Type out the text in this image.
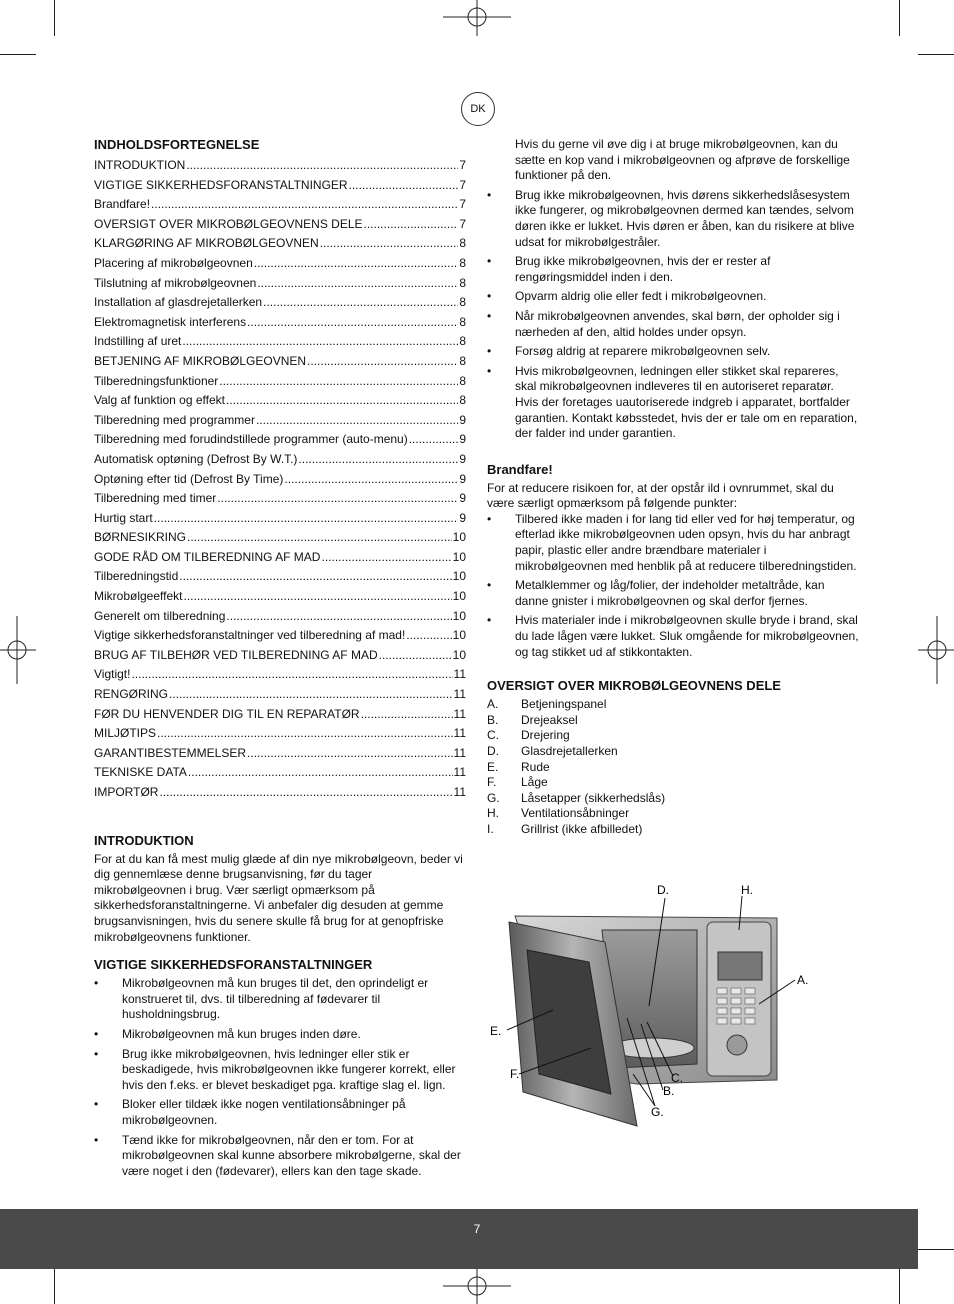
DK
INDHOLDSFORTEGNELSE
INTRODUKTION .....	7
VIGTIGE SIKKERHEDSFORANSTALTNINGER .....	7
Brandfare! .....	7
OVERSIGT OVER MIKROBØLGEOVNENS DELE .....	7
KLARGØRING AF MIKROBØLGEOVNEN .....	8
Placering af mikrobølgeovnen .....	8
Tilslutning af mikrobølgeovnen .....	8
Installation af glasdrejetallerken .....	8
Elektromagnetisk interferens .....	8
Indstilling af uret .....	8
BETJENING AF MIKROBØLGEOVNEN .....	8
Tilberedningsfunktioner .....	8
Valg af funktion og effekt .....	8
Tilberedning med programmer .....	9
Tilberedning med forudindstillede programmer (auto-menu) .....	9
Automatisk optøning (Defrost By W.T.) .....	9
Optøning efter tid (Defrost By Time) .....	9
Tilberedning med timer .....	9
Hurtig start .....	9
BØRNESIKRING .....	10
GODE RÅD OM TILBEREDNING AF MAD .....	10
Tilberedningstid .....	10
Mikrobølgeeffekt .....	10
Generelt om tilberedning .....	10
Vigtige sikkerhedsforanstaltninger ved tilberedning af mad! .....	10
BRUG AF TILBEHØR VED TILBEREDNING AF MAD .....	10
Vigtigt! .....	11
RENGØRING .....	11
FØR DU HENVENDER DIG TIL EN REPARATØR .....	11
MILJØTIPS .....	11
GARANTIBESTEMMELSER .....	11
TEKNISKE DATA .....	11
IMPORTØR .....	11
INTRODUKTION

For at du kan få mest mulig glæde af din nye mikrobølgeovn, beder vi dig gennemlæse denne brugsanvisning, før du tager mikrobølgeovnen i brug. Vær særligt opmærksom på sikkerhedsforanstaltningerne. Vi anbefaler dig desuden at gemme brugsanvisningen, hvis du senere skulle få brug for at genopfriske mikrobølgeovnens funktioner.

VIGTIGE SIKKERHEDSFORANSTALTNINGER
• Mikrobølgeovnen må kun bruges til det, den oprindeligt er konstrueret til, dvs. til tilberedning af fødevarer til husholdningsbrug.
• Mikrobølgeovnen må kun bruges inden døre.
• Brug ikke mikrobølgeovnen, hvis ledninger eller stik er beskadigede, hvis mikrobølgeovnen ikke fungerer korrekt, eller hvis den f.eks. er blevet beskadiget pga. kraftige slag el. lign.
• Bloker eller tildæk ikke nogen ventilationsåbninger på mikrobølgeovnen.
• Tænd ikke for mikrobølgeovnen, når den er tom. For at mikrobølgeovnen skal kunne absorbere mikrobølgerne, skal der være noget i den (fødevarer), ellers kan den tage skade.

Hvis du gerne vil øve dig i at bruge mikrobølgeovnen, kan du sætte en kop vand i mikrobølgeovnen og afprøve de forskellige funktioner på den.

• Brug ikke mikrobølgeovnen, hvis dørens sikkerhedslåsesystem ikke fungerer, og mikrobølgeovnen dermed kan tændes, selvom døren ikke er lukket. Hvis døren er åben, kan du risikere at blive udsat for mikrobølgestråler.
• Brug ikke mikrobølgeovnen, hvis der er rester af rengøringsmiddel inden i den.
• Opvarm aldrig olie eller fedt i mikrobølgeovnen.
• Når mikrobølgeovnen anvendes, skal børn, der opholder sig i nærheden af den, altid holdes under opsyn.
• Forsøg aldrig at reparere mikrobølgeovnen selv.
• Hvis mikrobølgeovnen, ledningen eller stikket skal repareres, skal mikrobølgeovnen indleveres til en autoriseret reparatør. Hvis der foretages uautoriserede indgreb i apparatet, bortfalder garantien. Kontakt købsstedet, hvis der er tale om en reparation, der falder ind under garantien.
Brandfare!

For at reducere risikoen for, at der opstår ild i ovnrummet, skal du være særligt opmærksom på følgende punkter:

• Tilbered ikke maden i for lang tid eller ved for høj temperatur, og efterlad ikke mikrobølgeovnen uden opsyn, hvis du har anbragt papir, plastic eller andre brændbare materialer i mikrobølgeovnen med henblik på at reducere tilberedningstiden.
• Metalklemmer og låg/folier, der indeholder metaltråde, kan danne gnister i mikrobølgeovnen og skal derfor fjernes.
• Hvis materialer inde i mikrobølgeovnen skulle bryde i brand, skal du lade lågen være lukket. Sluk omgående for mikrobølgeovnen, og tag stikket ud af stikkontakten.
OVERSIGT OVER MIKROBØLGEOVNENS DELE
A.	Betjeningspanel
B.	Drejeaksel
C.	Drejering
D.	Glasdrejetallerken
E.	Rude
F.	Låge
G.	Låsetapper (sikkerhedslås)
H.	Ventilationsåbninger
I.	Grillrist (ikke afbilledet)
D.	H.
A.
E.
F.	C.
B.
G.
7
